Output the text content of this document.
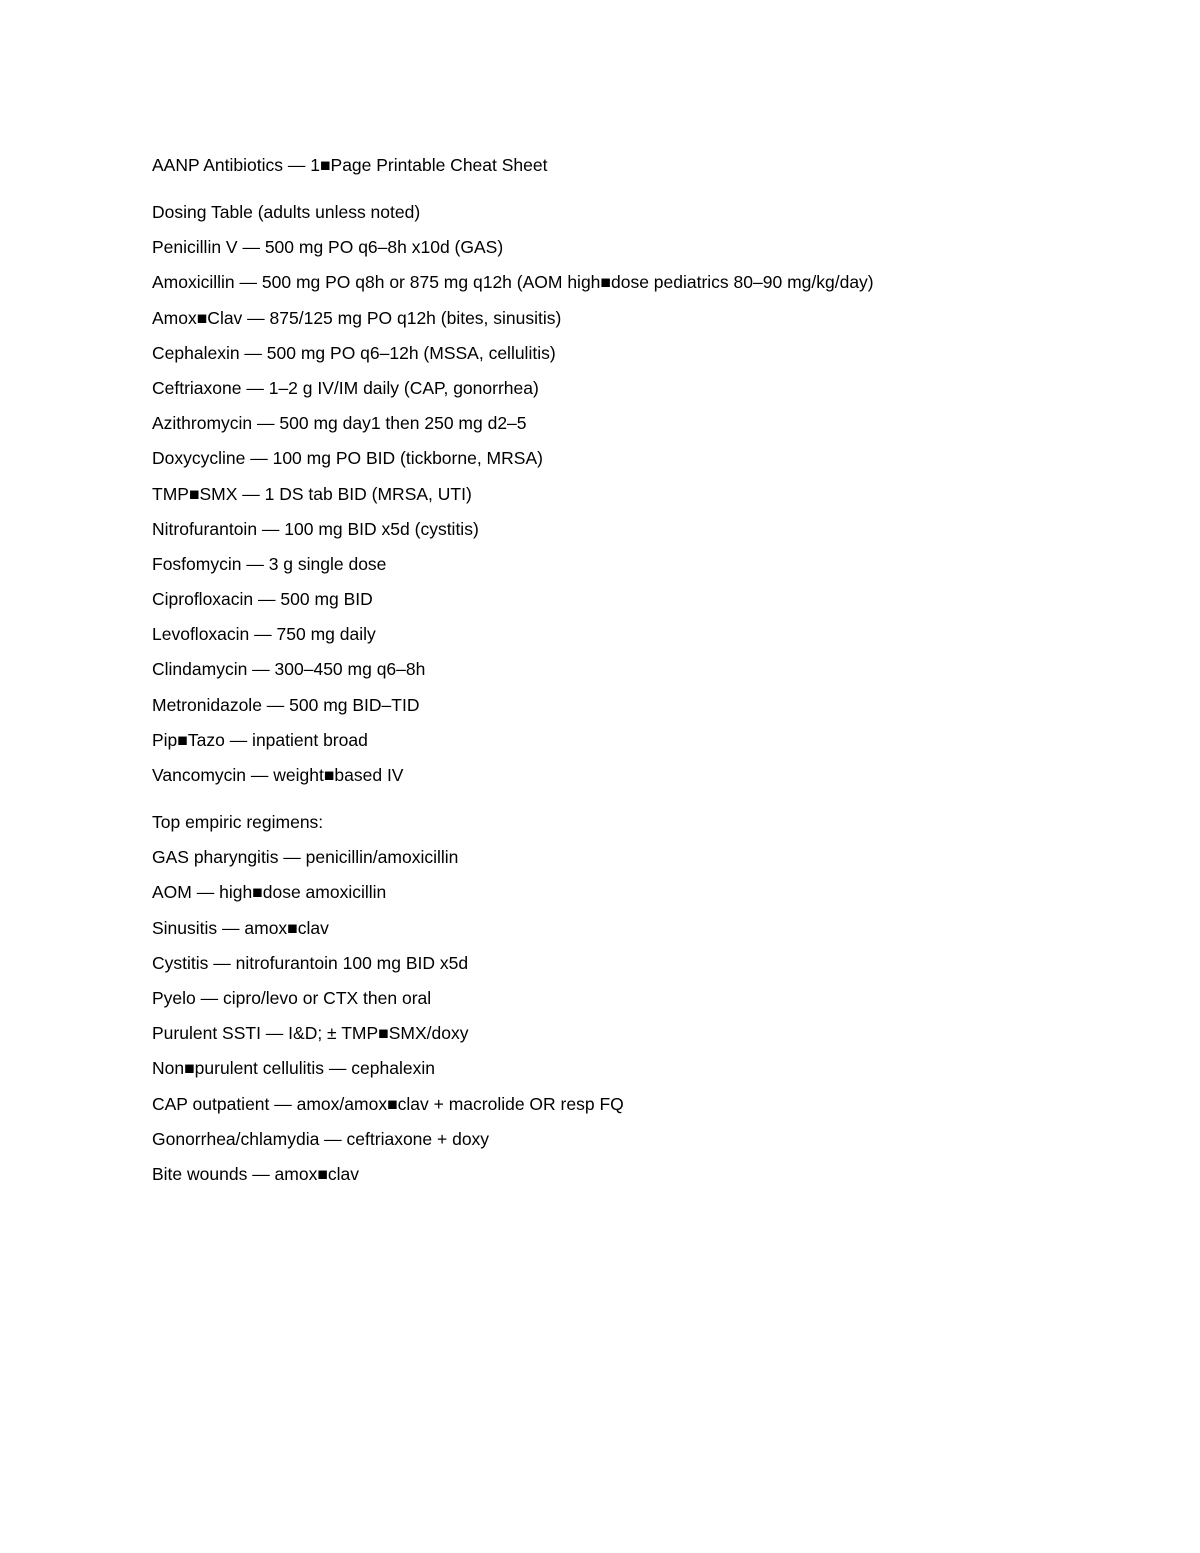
AANP Antibiotics — 1■Page Printable Cheat Sheet
Dosing Table (adults unless noted)
Penicillin V — 500 mg PO q6–8h x10d (GAS)
Amoxicillin — 500 mg PO q8h or 875 mg q12h (AOM high■dose pediatrics 80–90 mg/kg/day)
Amox■Clav — 875/125 mg PO q12h (bites, sinusitis)
Cephalexin — 500 mg PO q6–12h (MSSA, cellulitis)
Ceftriaxone — 1–2 g IV/IM daily (CAP, gonorrhea)
Azithromycin — 500 mg day1 then 250 mg d2–5
Doxycycline — 100 mg PO BID (tickborne, MRSA)
TMP■SMX — 1 DS tab BID (MRSA, UTI)
Nitrofurantoin — 100 mg BID x5d (cystitis)
Fosfomycin — 3 g single dose
Ciprofloxacin — 500 mg BID
Levofloxacin — 750 mg daily
Clindamycin — 300–450 mg q6–8h
Metronidazole — 500 mg BID–TID
Pip■Tazo — inpatient broad
Vancomycin — weight■based IV
Top empiric regimens:
GAS pharyngitis — penicillin/amoxicillin
AOM — high■dose amoxicillin
Sinusitis — amox■clav
Cystitis — nitrofurantoin 100 mg BID x5d
Pyelo — cipro/levo or CTX then oral
Purulent SSTI — I&D; ± TMP■SMX/doxy
Non■purulent cellulitis — cephalexin
CAP outpatient — amox/amox■clav + macrolide OR resp FQ
Gonorrhea/chlamydia — ceftriaxone + doxy
Bite wounds — amox■clav
